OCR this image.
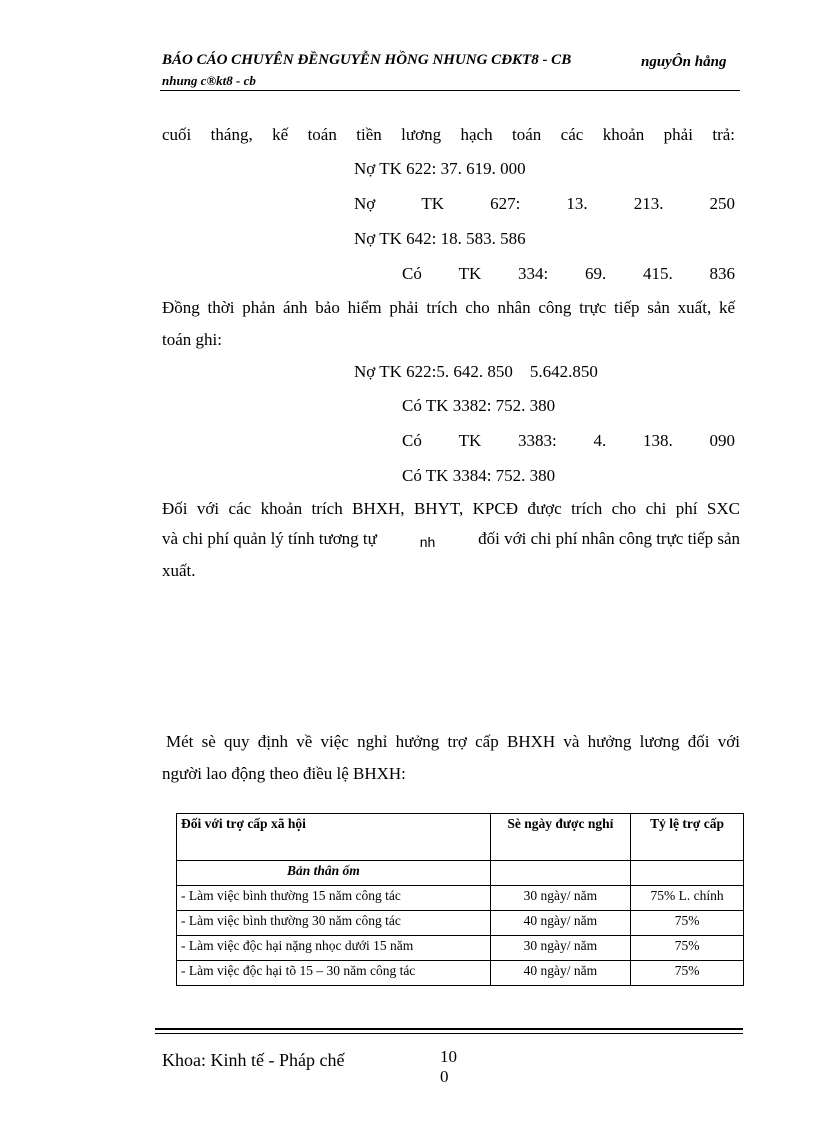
BÁO CÁO CHUYÊN ĐỀNGUYỄN HỒNG NHUNG CĐKT8 - CB	nguyÔn hång
nhung c®kt8 - cb
cuối tháng, kế toán tiền lương hạch toán các khoản phải trả:
Nợ TK 622: 37. 619. 000
Nợ	TK	627:	13.	213.	250
Nợ TK 642: 18. 583. 586
Có TK 334: 69. 415. 836
Đồng thời phản ánh bảo hiểm phải trích cho nhân công trực tiếp sản xuất, kế
toán ghi:
Nợ TK 622:5. 642. 850    5.642.850
Có TK 3382: 752. 380
Có TK 3383: 4. 138. 090
Có TK 3384: 752. 380
Đối với các khoản trích BHXH, BHYT, KPCĐ được trích cho chi phí SXC
và chi phí quản lý tính tương tự	nh	đối với chi phí nhân công trực tiếp sản
xuất.
Mét sè quy định về việc nghỉ hưởng trợ cấp BHXH và hưởng lương đối với
người lao động theo điều lệ BHXH:
Đối với trợ cấp xã hội	Sè ngày được nghỉ	Tỷ lệ trợ cấp
Bản thân ốm		
- Làm việc bình thường 15 năm công tác	30 ngày/ năm	75% L. chính
- Làm việc bình thường 30 năm công tác	40 ngày/ năm	75%
- Làm việc độc hại nặng nhọc dưới 15 năm	30 ngày/ năm	75%
- Làm việc độc hại tõ 15 – 30 năm công tác	40 ngày/ năm	75%
Khoa: Kinh tế - Pháp chế	10
0
